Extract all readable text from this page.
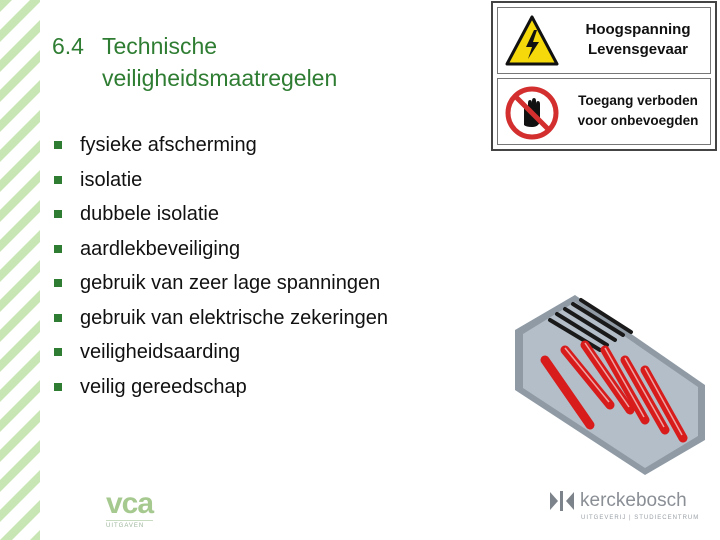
6.4 Technische
veiligheidsmaatregelen
fysieke afscherming
isolatie
dubbele isolatie
aardlekbeveiliging
gebruik van zeer lage spanningen
gebruik van elektrische zekeringen
veiligheidsaarding
veilig gereedschap
Hoogspanning
Levensgevaar
Toegang verboden
voor onbevoegden
vca
UITGAVEN
kerckebosch
UITGEVERIJ | STUDIECENTRUM
